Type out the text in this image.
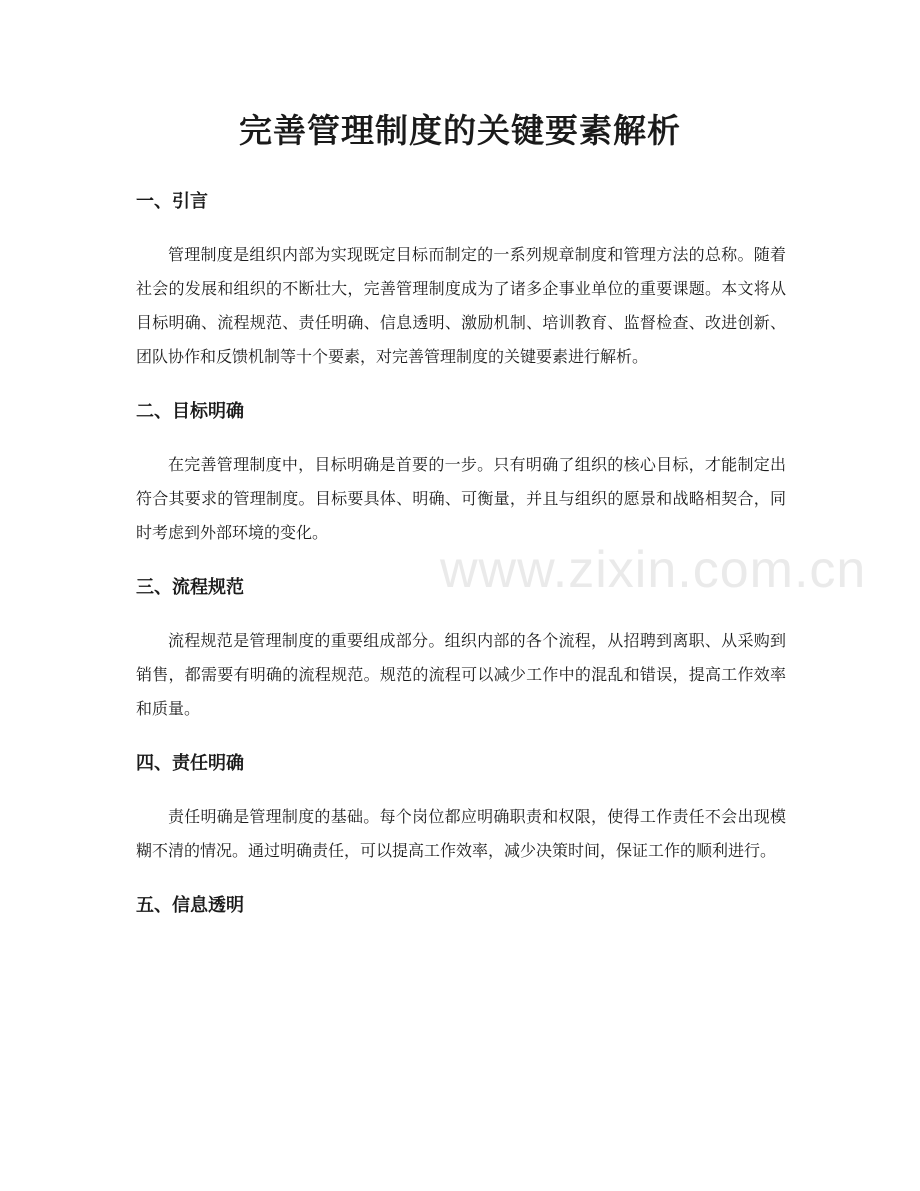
完善管理制度的关键要素解析
一、引言

管理制度是组织内部为实现既定目标而制定的一系列规章制度和管理方法的总称。随着社会的发展和组织的不断壮大，完善管理制度成为了诸多企事业单位的重要课题。本文将从目标明确、流程规范、责任明确、信息透明、激励机制、培训教育、监督检查、改进创新、团队协作和反馈机制等十个要素，对完善管理制度的关键要素进行解析。

二、目标明确

在完善管理制度中，目标明确是首要的一步。只有明确了组织的核心目标，才能制定出符合其要求的管理制度。目标要具体、明确、可衡量，并且与组织的愿景和战略相契合，同时考虑到外部环境的变化。

三、流程规范

流程规范是管理制度的重要组成部分。组织内部的各个流程，从招聘到离职、从采购到销售，都需要有明确的流程规范。规范的流程可以减少工作中的混乱和错误，提高工作效率和质量。

四、责任明确

责任明确是管理制度的基础。每个岗位都应明确职责和权限，使得工作责任不会出现模糊不清的情况。通过明确责任，可以提高工作效率，减少决策时间，保证工作的顺利进行。

五、信息透明
www.zixin.com.cn
